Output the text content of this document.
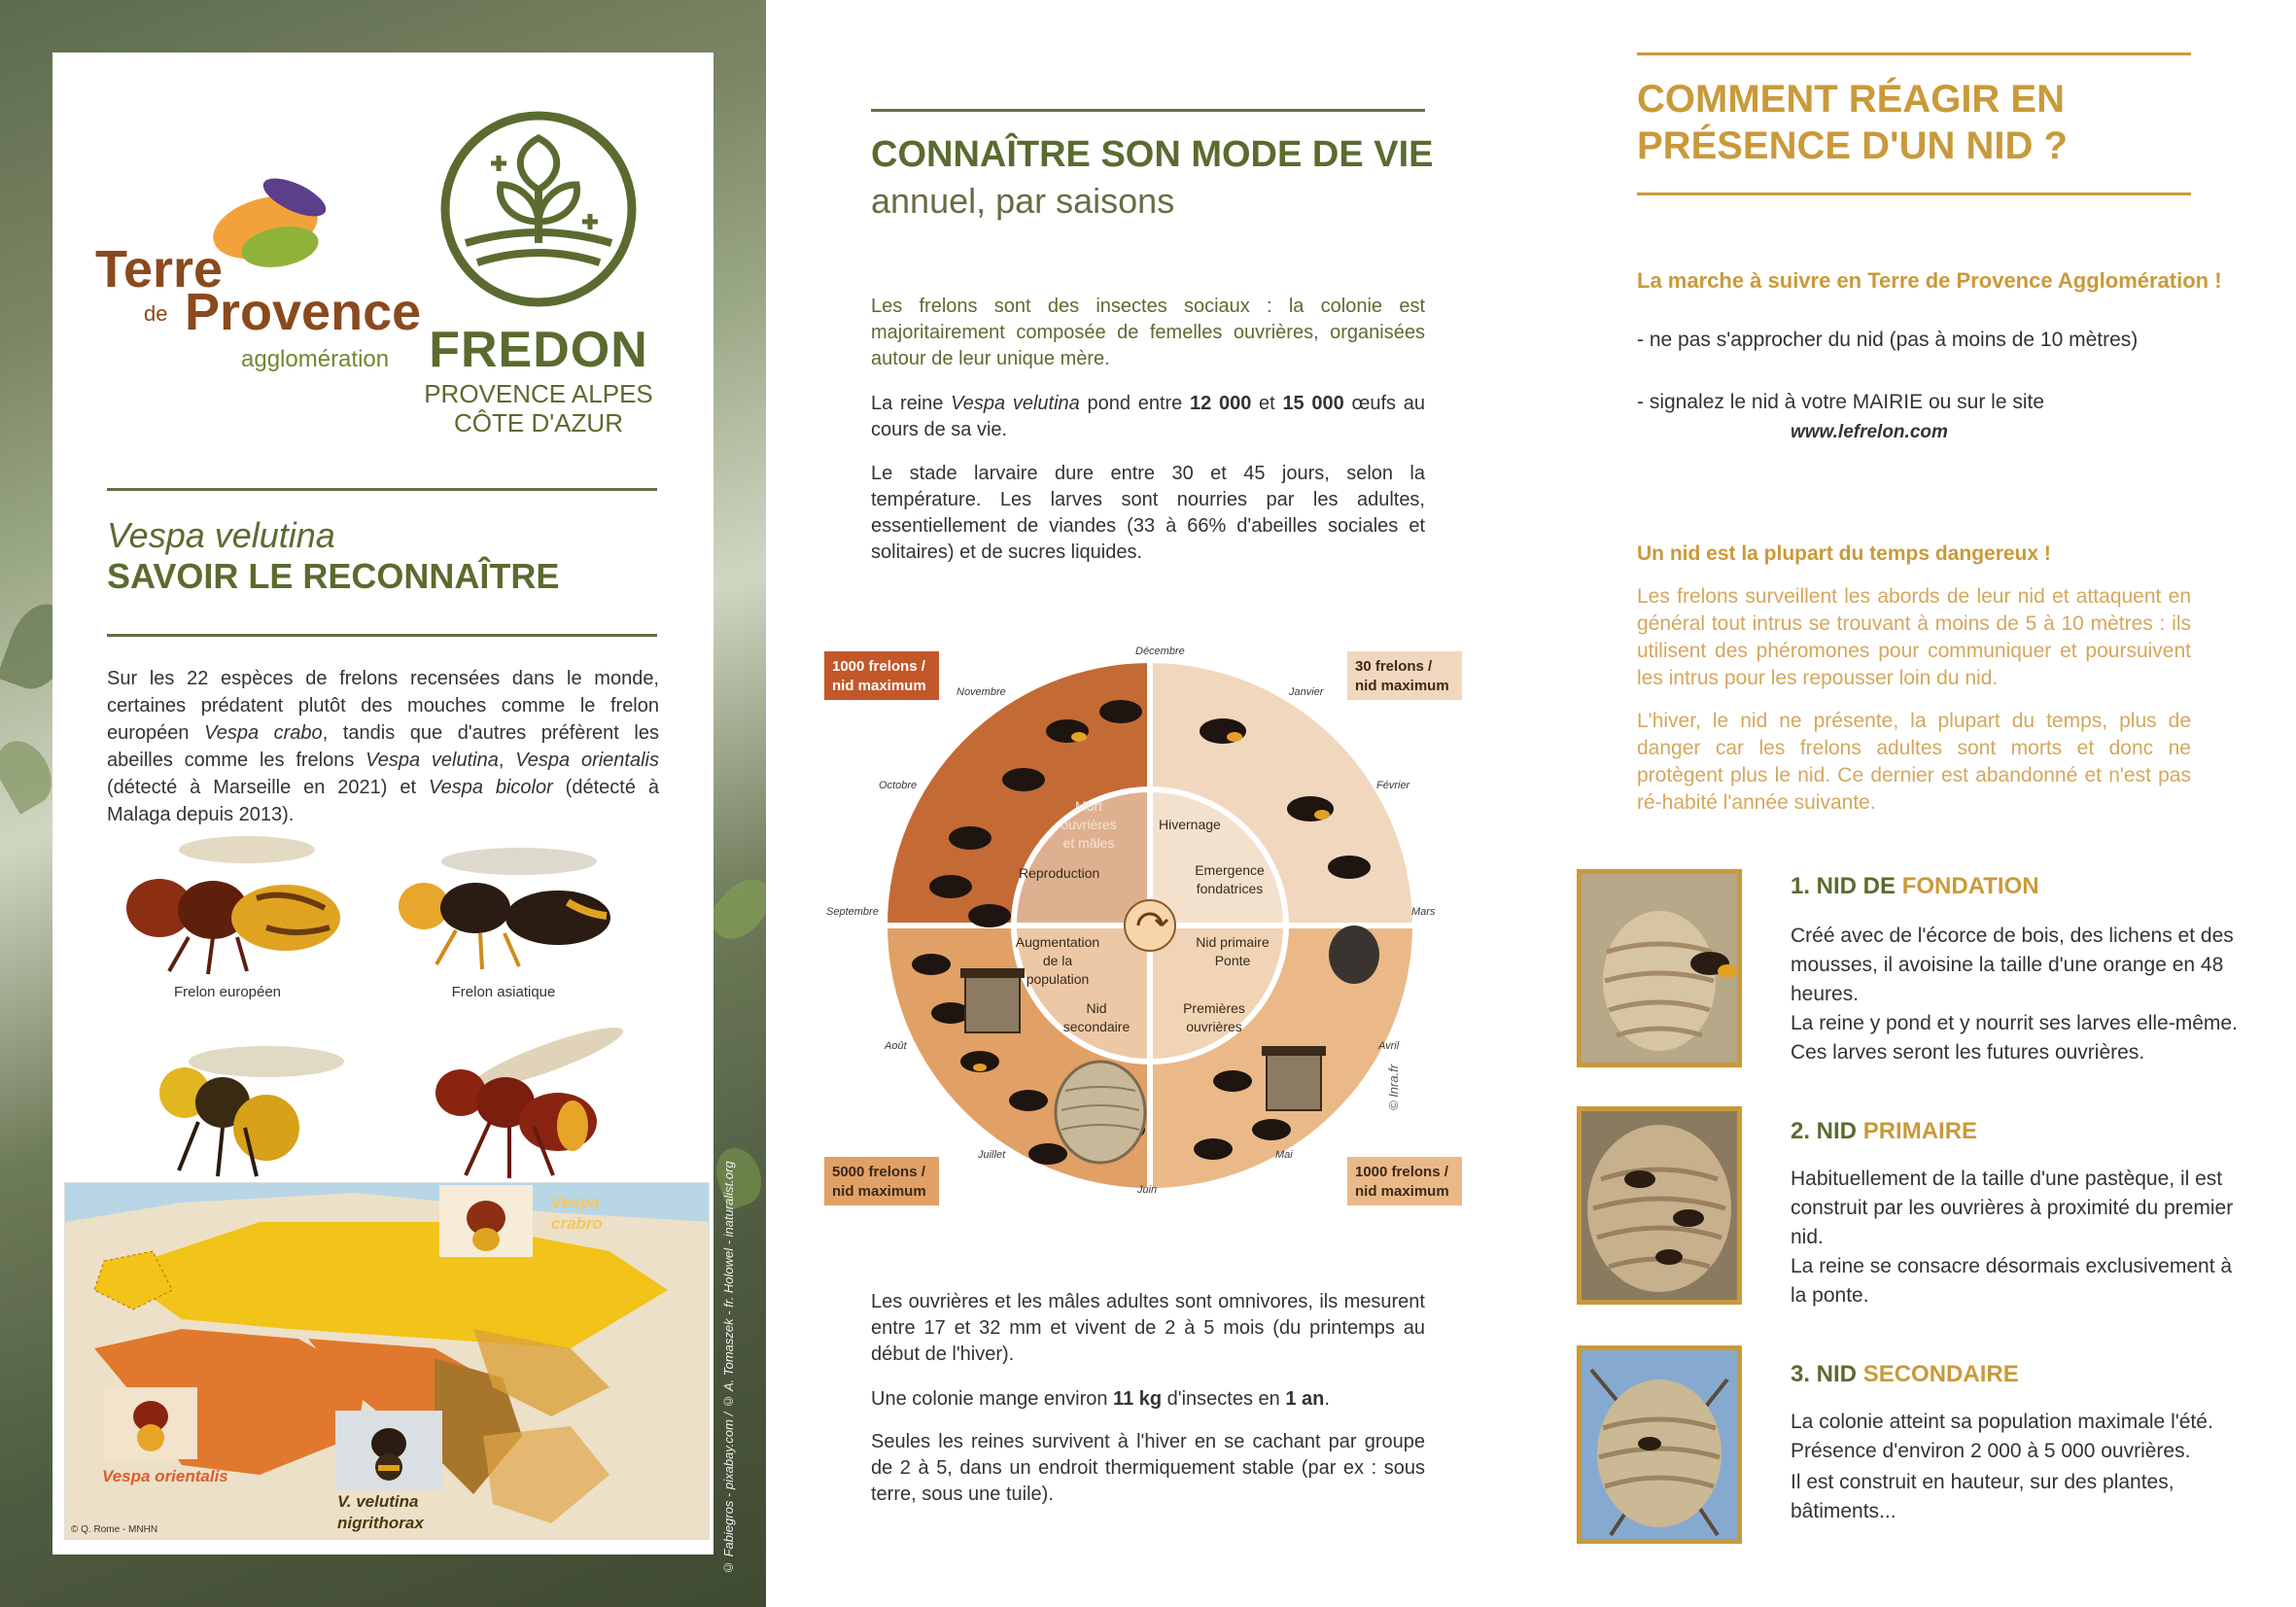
Terre
de Provence
agglomération FREDON
PROVENCE ALPES
CÔTE D'AZUR
Vespa velutina
SAVOIR LE RECONNAÎTRE

Sur les 22 espèces de frelons recensées dans le monde, certaines prédatent plutôt des mouches comme le frelon européen Vespa crabo, tandis que d'autres préfèrent les abeilles comme les frelons Vespa velutina, Vespa orientalis (détecté à Marseille en 2021) et Vespa bicolor (détecté à Malaga depuis 2013).

Frelon européen	Frelon asiatique
Vespa
crabro
Vespa orientalis
V. velutina
nigrithorax
© Q. Rome - MNHN	© Fabiegros - pixabay.com / © A. Tomaszek - fr. Holowel - inaturalist.org
CONNAÎTRE SON MODE DE VIE
annuel, par saisons

Les frelons sont des insectes sociaux : la colonie est majoritairement composée de femelles ouvrières, organisées autour de leur unique mère.

La reine Vespa velutina pond entre 12 000 et 15 000 œufs au cours de sa vie.

Le stade larvaire dure entre 30 et 45 jours, selon la température. Les larves sont nourries par les adultes, essentiellement de viandes (33 à 66% d'abeilles sociales et solitaires) et de sucres liquides.

© Inra.fr
Décembre
Janvier
Février
Mars
Avril
Mai
Juin
Juillet
Août
Septembre
Octobre
Novembre
Mort
ouvrières
et mâles
Reproduction
Hivernage
Emergence
fondatrices
Augmentation
de la
population
Nid
secondaire
Nid primaire
Ponte
Premières
ouvrières
1000 frelons /
nid maximum
30 frelons /
nid maximum
5000 frelons /
nid maximum
1000 frelons /
nid maximum

Les ouvrières et les mâles adultes sont omnivores, ils mesurent entre 17 et 32 mm et vivent de 2 à 5 mois (du printemps au début de l'hiver).

Une colonie mange environ 11 kg d'insectes en 1 an.

Seules les reines survivent à l'hiver en se cachant par groupe de 2 à 5, dans un endroit thermiquement stable (par ex : sous terre, sous une tuile).

COMMENT RÉAGIR EN
PRÉSENCE D'UN NID ?
La marche à suivre en Terre de Provence Agglomération !
- ne pas s'approcher du nid (pas à moins de 10 mètres)
- signalez le nid à votre MAIRIE ou sur le site
www.lefrelon.com
Un nid est la plupart du temps dangereux !

Les frelons surveillent les abords de leur nid et attaquent en général tout intrus se trouvant à moins de 5 à 10 mètres : ils utilisent des phéromones pour communiquer et poursuivent les intrus pour les repousser loin du nid.

L'hiver, le nid ne présente, la plupart du temps, plus de danger car les frelons adultes sont morts et donc ne protègent plus le nid. Ce dernier est abandonné et n'est pas ré-habité l'année suivante.

1. NID DE FONDATION

Créé avec de l'écorce de bois, des lichens et des mousses, il avoisine la taille d'une orange en 48 heures.

La reine y pond et y nourrit ses larves elle-même. Ces larves seront les futures ouvrières.

2. NID PRIMAIRE

Habituellement de la taille d'une pastèque, il est construit par les ouvrières à proximité du premier nid.

La reine se consacre désormais exclusivement à la ponte.

3. NID SECONDAIRE

La colonie atteint sa population maximale l'été. Présence d'environ 2 000 à 5 000 ouvrières.

Il est construit en hauteur, sur des plantes, bâtiments...
